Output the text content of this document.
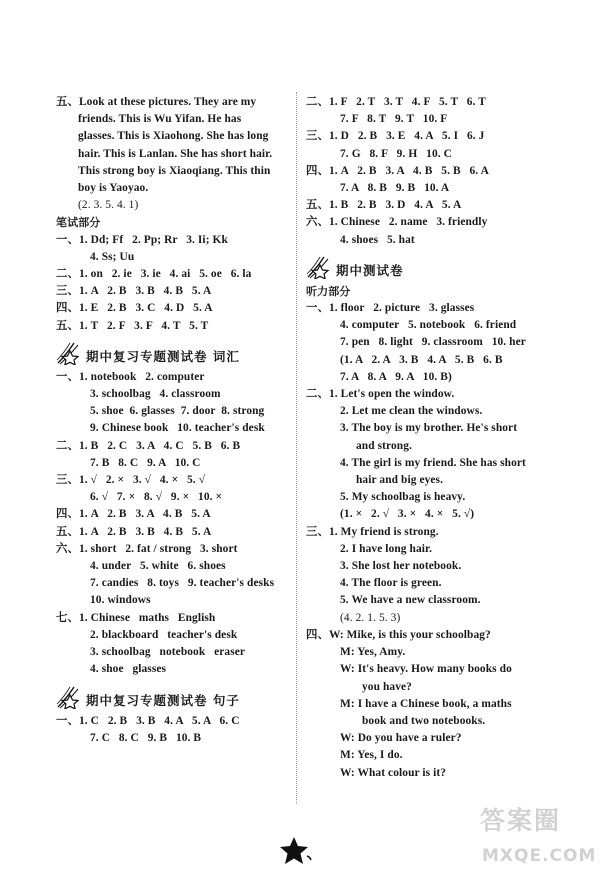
五、Look at these pictures. They are my
friends. This is Wu Yifan. He has
glasses. This is Xiaohong. She has long
hair. This is Lanlan. She has short hair.
This strong boy is Xiaoqiang. This thin
boy is Yaoyao.
(2. 3. 5. 4. 1)
笔试部分
一、1. Dd; Ff   2. Pp; Rr   3. Ii; Kk
4. Ss; Uu
二、1. on   2. ie   3. ie   4. ai   5. oe   6. la
三、1. A   2. B   3. B   4. B   5. A
四、1. E   2. B   3. C   4. D   5. A
五、1. T   2. F   3. F   4. T   5. T
期中复习专题测试卷 词汇
一、1. notebook   2. computer
3. schoolbag   4. classroom
5. shoe  6. glasses  7. door  8. strong
9. Chinese book   10. teacher's desk
二、1. B   2. C   3. A   4. C   5. B   6. B
7. B   8. C   9. A   10. C
三、1. √   2. ×   3. √   4. ×   5. √
6. √   7. ×   8. √   9. ×   10. ×
四、1. A   2. B   3. A   4. B   5. A
五、1. A   2. B   3. B   4. B   5. A
六、1. short   2. fat / strong   3. short
4. under   5. white   6. shoes
7. candies   8. toys   9. teacher's desks
10. windows
七、1. Chinese   maths   English
2. blackboard   teacher's desk
3. schoolbag   notebook   eraser
4. shoe   glasses
期中复习专题测试卷 句子
一、1. C   2. B   3. B   4. A   5. A   6. C
7. C   8. C   9. B   10. B
二、1. F   2. T   3. T   4. F   5. T   6. T
7. F   8. T   9. T   10. F
三、1. D   2. B   3. E   4. A   5. I   6. J
7. G   8. F   9. H   10. C
四、1. A   2. B   3. A   4. B   5. B   6. A
7. A   8. B   9. B   10. A
五、1. B   2. B   3. D   4. A   5. A
六、1. Chinese   2. name   3. friendly
4. shoes   5. hat
期中测试卷
听力部分
一、1. floor   2. picture   3. glasses
4. computer   5. notebook   6. friend
7. pen   8. light   9. classroom   10. her
(1. A   2. A   3. B   4. A   5. B   6. B
7. A   8. A   9. A   10. B)
二、1. Let's open the window.
2. Let me clean the windows.
3. The boy is my brother. He's short
and strong.
4. The girl is my friend. She has short
hair and big eyes.
5. My schoolbag is heavy.
(1. ×   2. √   3. ×   4. ×   5. √)
三、1. My friend is strong.
2. I have long hair.
3. She lost her notebook.
4. The floor is green.
5. We have a new classroom.
(4. 2. 1. 5. 3)
四、W: Mike, is this your schoolbag?
M: Yes, Amy.
W: It's heavy. How many books do
you have?
M: I have a Chinese book, a maths
book and two notebooks.
W: Do you have a ruler?
M: Yes, I do.
W: What colour is it?
答案圈
MXQE.COM
